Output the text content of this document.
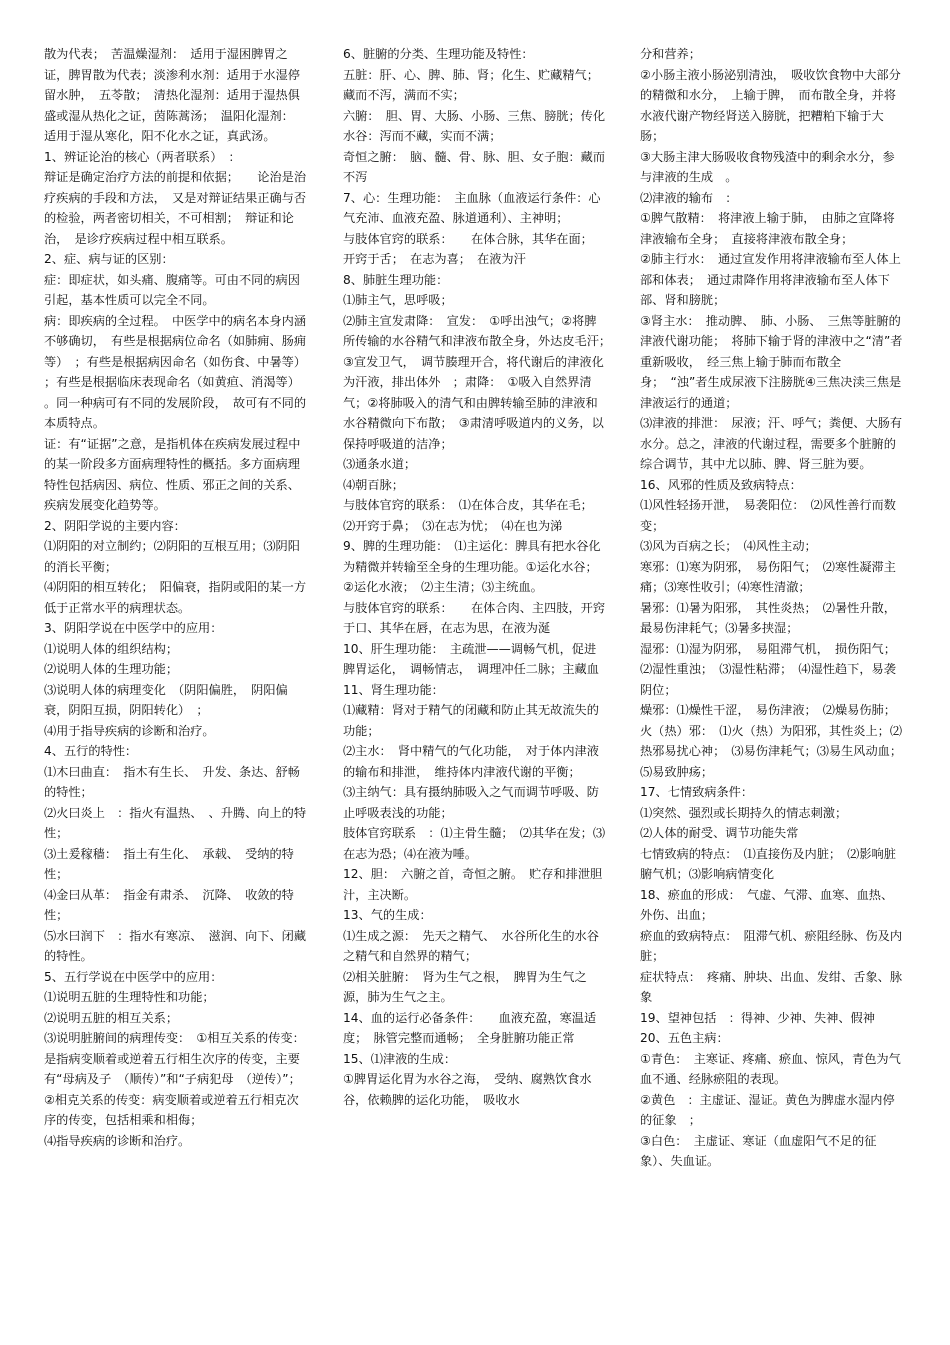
散为代表；　苦温燥湿剂：　适用于湿困脾胃之证，脾胃散为代表；淡渗利水剂：适用于水湿停留水肿，　五苓散；　清热化湿剂：适用于湿热俱盛或湿从热化之证，茵陈蒿汤；　温阳化湿剂：　适用于湿从寒化，阳不化水之证，真武汤。

1、辨证论治的核心（两者联系）　：

辩证是确定治疗方法的前提和依据；　　论治是治疗疾病的手段和方法，　又是对辩证结果正确与否的检验，两者密切相关，不可相割；　辩证和论治，　是诊疗疾病过程中相互联系。

2、症、病与证的区别：

症：即症状，如头痛、腹痛等。可由不同的病因引起，基本性质可以完全不同。

病：即疾病的全过程。　中医学中的病名本身内涵不够确切，　有些是根据病位命名（如肺痈、肠痈等）　；有些是根据病因命名（如伤食、中暑等）　；有些是根据临床表现命名（如黄疸、消渴等）　。同一种病可有不同的发展阶段，　故可有不同的本质特点。

证：有“证据”之意，是指机体在疾病发展过程中的某一阶段多方面病理特性的概括。多方面病理特性包括病因、病位、性质、邪正之间的关系、　疾病发展变化趋势等。

2、阴阳学说的主要内容：

⑴阴阳的对立制约；⑵阴阳的互根互用；⑶阴阳的消长平衡；

⑷阴阳的相互转化；　阳偏衰，指阴或阳的某一方低于正常水平的病理状态。

3、阴阳学说在中医学中的应用：

⑴说明人体的组织结构；

⑵说明人体的生理功能；

⑶说明人体的病理变化　（阴阳偏胜，　阴阳偏衰，阴阳互损，阴阳转化）　；

⑷用于指导疾病的诊断和治疗。

4、五行的特性：

⑴木曰曲直：　指木有生长、　升发、条达、舒畅的特性；

⑵火曰炎上　：指火有温热、　、升腾、向上的特性；

⑶土爰稼穑：　指土有生化、　承载、　受纳的特性；

⑷金曰从革：　指金有肃杀、　沉降、　收敛的特性；

⑸水曰润下　：指水有寒凉、　滋润、向下、闭藏的特性。

5、五行学说在中医学中的应用：

⑴说明五脏的生理特性和功能；

⑵说明五脏的相互关系；

⑶说明脏腑间的病理传变：　①相互关系的传变：是指病变顺着或逆着五行相生次序的传变，主要有“母病及子　（顺传）”和“子病犯母　（逆传）”；②相克关系的传变：病变顺着或逆着五行相克次序的传变，包括相乘和相侮；

⑷指导疾病的诊断和治疗。

6、脏腑的分类、生理功能及特性：

五脏：肝、心、脾、肺、肾；化生、贮藏精气；藏而不泻，满而不实；

六腑：　胆、胃、大肠、小肠、三焦、膀胱；传化水谷：泻而不藏，实而不满；

奇恒之腑：　脑、髓、骨、脉、胆、女子胞：藏而不泻

7、心：生理功能：　主血脉（血液运行条件：心气充沛、血液充盈、脉道通利）、主神明；

与肢体官窍的联系：　　在体合脉，其华在面；　开窍于舌；　在志为喜；　在液为汗

8、肺脏生理功能：

⑴肺主气，思呼吸；

⑵肺主宣发肃降：　宣发：　①呼出浊气；②将脾所传输的水谷精气和津液布散全身，外达皮毛汗；　③宣发卫气，　调节腠理开合，将代谢后的津液化为汗液，排出体外　；肃降：　①吸入自然界清气；②将肺吸入的清气和由脾转输至肺的津液和水谷精微向下布散；　③肃清呼吸道内的义务，以保持呼吸道的洁净；

⑶通条水道；

⑷朝百脉；

与肢体官窍的联系：　⑴在体合皮，其华在毛；　⑵开窍于鼻；　⑶在志为忧；　⑷在也为涕

9、脾的生理功能：　⑴主运化：脾具有把水谷化为精微并转输至全身的生理功能。①运化水谷；　②运化水液；　⑵主生清；⑶主统血。

与肢体官窍的联系：　　在体合肉、主四肢，开窍于口、其华在唇，在志为思，在液为涎

10、肝生理功能：　主疏泄——调畅气机，促进脾胃运化，　调畅情志，　调理冲任二脉；主藏血

11、肾生理功能：

⑴藏精：肾对于精气的闭藏和防止其无故流失的功能；

⑵主水：　肾中精气的气化功能，　对于体内津液的输布和排泄，　维持体内津液代谢的平衡；

⑶主纳气：具有摄纳肺吸入之气而调节呼吸、防止呼吸表浅的功能；

肢体官窍联系　：⑴主骨生髓；　⑵其华在发；⑶在志为恐；⑷在液为唾。

12、胆：　六腑之首，奇恒之腑。　贮存和排泄胆汁，主决断。

13、气的生成：

⑴生成之源：　先天之精气、　水谷所化生的水谷之精气和自然界的精气；

⑵相关脏腑：　肾为生气之根，　脾胃为生气之源，肺为生气之主。

14、血的运行必备条件：　　血液充盈，寒温适度；　脉管完整而通畅；　全身脏腑功能正常

15、⑴津液的生成：

①脾胃运化胃为水谷之海，　受纳、腐熟饮食水谷，依赖脾的运化功能，　吸收水

分和营养；

②小肠主液小肠泌别清浊，　吸收饮食物中大部分的精微和水分，　上输于脾，　而布散全身，并将水液代谢产物经肾送入膀胱，把糟粕下输于大肠；

③大肠主津大肠吸收食物残渣中的剩余水分，参与津液的生成　。

⑵津液的输布　：

①脾气散精：　将津液上输于肺，　由肺之宣降将津液输布全身；　直接将津液布散全身；

②肺主行水：　通过宣发作用将津液输布至人体上部和体表；　通过肃降作用将津液输布至人体下部、肾和膀胱；

③肾主水：　推动脾、　肺、小肠、　三焦等脏腑的津液代谢功能；　将肺下输于肾的津液中之“清”者重新吸收，　经三焦上输于肺而布散全身；　“浊”者生成尿液下注膀胱④三焦决渎三焦是津液运行的通道；

⑶津液的排泄：　尿液；汗、呼气；粪便、大肠有水分。总之，津液的代谢过程，需要多个脏腑的综合调节，其中尤以肺、脾、肾三脏为要。

16、风邪的性质及致病特点：

⑴风性轻扬开泄，　易袭阳位：　⑵风性善行而数变；

⑶风为百病之长；　⑷风性主动；

寒邪：⑴寒为阴邪，　易伤阳气；　⑵寒性凝滞主痛；⑶寒性收引；⑷寒性清澈；

暑邪：⑴暑为阳邪，　其性炎热；　⑵暑性升散，最易伤津耗气；⑶暑多挟湿；

湿邪：⑴湿为阴邪，　易阻滞气机，　损伤阳气；⑵湿性重浊；　⑶湿性粘滞；　⑷湿性趋下，易袭阴位；

燥邪：⑴燥性干涩，　易伤津液；　⑵燥易伤肺；

火（热）邪：　⑴火（热）为阳邪，其性炎上；⑵热邪易扰心神；　⑶易伤津耗气；⑶易生风动血；⑸易致肿疡；

17、七情致病条件：

⑴突然、强烈或长期持久的情志刺激；

⑵人体的耐受、调节功能失常

七情致病的特点：　⑴直接伤及内脏；　⑵影响脏腑气机；⑶影响病情变化

18、瘀血的形成：　气虚、气滞、血寒、血热、外伤、出血；

瘀血的致病特点：　阻滞气机、瘀阻经脉、伤及内脏；

症状特点：　疼痛、肿块、出血、发绀、舌象、脉象

19、望神包括　：得神、少神、失神、假神

20、五色主病：

①青色：　主寒证、疼痛、瘀血、惊风，青色为气血不通、经脉瘀阻的表现。

②黄色　：主虚证、湿证。黄色为脾虚水湿内停的征象　；

③白色：　主虚证、寒证（血虚阳气不足的征象）、失血证。
